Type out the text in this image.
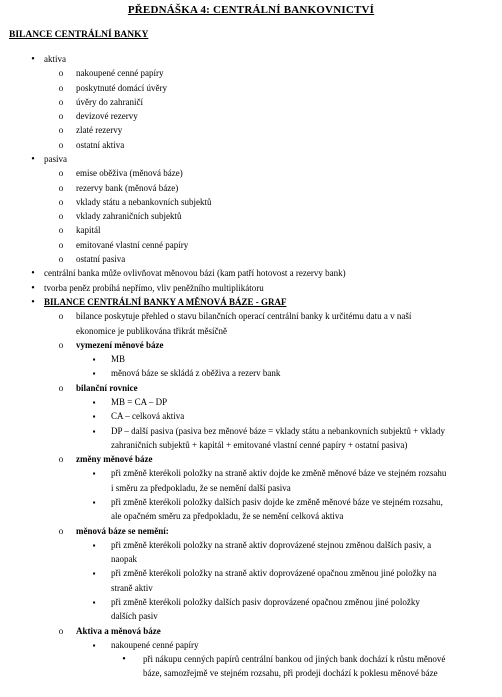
PŘEDNÁŠKA 4: CENTRÁLNÍ BANKOVNICTVÍ
BILANCE CENTRÁLNÍ BANKY
•
aktiva
o
nakoupené cenné papíry
o
poskytnuté domácí úvěry
o
úvěry do zahraničí
o
devizové rezervy
o
zlaté rezervy
o
ostatní aktiva
•
pasiva
o
emise oběživa (měnová báze)
o
rezervy bank (měnová báze)
o
vklady státu a nebankovních subjektů
o
vklady zahraničních subjektů
o
kapitál
o
emitované vlastní cenné papíry
o
ostatní pasiva
•
centrální banka může ovlivňovat měnovou bázi (kam patří hotovost a rezervy bank)
•
tvorba peněz probíhá nepřímo, vliv peněžního multiplikátoru
•
BILANCE CENTRÁLNÍ BANKY A MĚNOVÁ BÁZE - GRAF
o
bilance poskytuje přehled o stavu bilančních operací centrální banky k určitému datu a v naší
ekonomice je publikována třikrát měsíčně
o
vymezení měnové báze
▪
MB
▪
měnová báze se skládá z oběživa a rezerv bank
o
bilanční rovnice
▪
MB = CA – DP
▪
CA – celková aktiva
▪
DP – další pasiva (pasiva bez měnové báze = vklady státu a nebankovních subjektů + vklady
zahraničních subjektů + kapitál + emitované vlastní cenné papíry + ostatní pasiva)
o
změny měnové báze
▪
při změně kterékoli položky na straně aktiv dojde ke změně měnové báze ve stejném rozsahu
i směru za předpokladu, že se nemění další pasiva
▪
při změně kterékoli položky dalších pasiv dojde ke změně měnové báze ve stejném rozsahu,
ale opačném směru za předpokladu, že se nemění celková aktiva
o
měnová báze se nemění:
▪
při změně kterékoli položky na straně aktiv doprovázené stejnou změnou dalších pasiv, a
naopak
▪
při změně kterékoli položky na straně aktiv doprovázené opačnou změnou jiné položky na
straně aktiv
▪
při změně kterékoli položky dalších pasiv doprovázené opačnou změnou jiné položky
dalších pasiv
o
Aktiva a měnová báze
▪
nakoupené cenné papíry
•
při nákupu cenných papírů centrální bankou od jiných bank dochází k růstu měnové
báze, samozřejmě ve stejném rozsahu, při prodeji dochází k poklesu měnové báze
